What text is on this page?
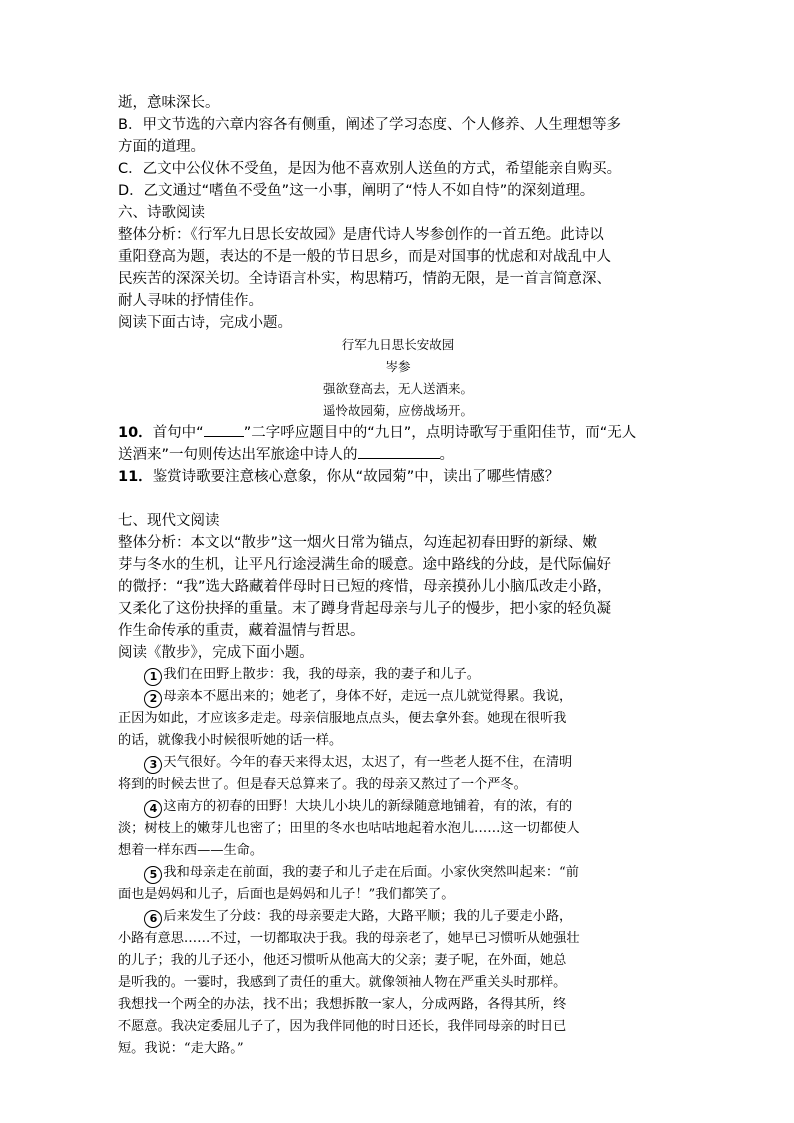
逝，意味深长。

B．甲文节选的六章内容各有侧重，阐述了学习态度、个人修养、人生理想等多

方面的道理。

C．乙文中公仪休不受鱼，是因为他不喜欢别人送鱼的方式，希望能亲自购买。

D．乙文通过“嗜鱼不受鱼”这一小事，阐明了“恃人不如自恃”的深刻道理。

六、诗歌阅读

整体分析：《行军九日思长安故园》是唐代诗人岑参创作的一首五绝。此诗以

重阳登高为题，表达的不是一般的节日思乡，而是对国事的忧虑和对战乱中人

民疾苦的深深关切。全诗语言朴实，构思精巧，情韵无限，是一首言简意深、

耐人寻味的抒情佳作。

阅读下面古诗，完成小题。

行军九日思长安故园

岑参

强欲登高去，无人送酒来。

遥怜故园菊，应傍战场开。

10．首句中“	”二字呼应题目中的“九日”，点明诗歌写于重阳佳节，而“无人

送酒来”一句则传达出军旅途中诗人的	。

11．鉴赏诗歌要注意核心意象，你从“故园菊”中，读出了哪些情感？

七、现代文阅读

整体分析：本文以“散步”这一烟火日常为锚点，勾连起初春田野的新绿、嫩

芽与冬水的生机，让平凡行途浸满生命的暖意。途中路线的分歧，是代际偏好

的微抒：“我”选大路藏着伴母时日已短的疼惜，母亲摸孙儿小脑瓜改走小路，

又柔化了这份抉择的重量。末了蹲身背起母亲与儿子的慢步，把小家的轻负凝

作生命传承的重责，藏着温情与哲思。

阅读《散步》，完成下面小题。

1 我们在田野上散步：我，我的母亲，我的妻子和儿子。

2 母亲本不愿出来的；她老了，身体不好，走远一点儿就觉得累。我说，

正因为如此，才应该多走走。母亲信服地点点头，便去拿外套。她现在很听我

的话，就像我小时候很听她的话一样。

3 天气很好。今年的春天来得太迟，太迟了，有一些老人挺不住，在清明

将到的时候去世了。但是春天总算来了。我的母亲又熬过了一个严冬。

4 这南方的初春的田野！大块儿小块儿的新绿随意地铺着，有的浓，有的

淡；树枝上的嫩芽儿也密了；田里的冬水也咕咕地起着水泡儿……这一切都使人

想着一样东西——生命。

5 我和母亲走在前面，我的妻子和儿子走在后面。小家伙突然叫起来：“前

面也是妈妈和儿子，后面也是妈妈和儿子！”我们都笑了。

6 后来发生了分歧：我的母亲要走大路，大路平顺；我的儿子要走小路，

小路有意思……不过，一切都取决于我。我的母亲老了，她早已习惯听从她强壮

的儿子；我的儿子还小，他还习惯听从他高大的父亲；妻子呢，在外面，她总

是听我的。一霎时，我感到了责任的重大。就像领袖人物在严重关头时那样。

我想找一个两全的办法，找不出；我想拆散一家人，分成两路，各得其所，终

不愿意。我决定委屈儿子了，因为我伴同他的时日还长，我伴同母亲的时日已

短。我说：“走大路。”
